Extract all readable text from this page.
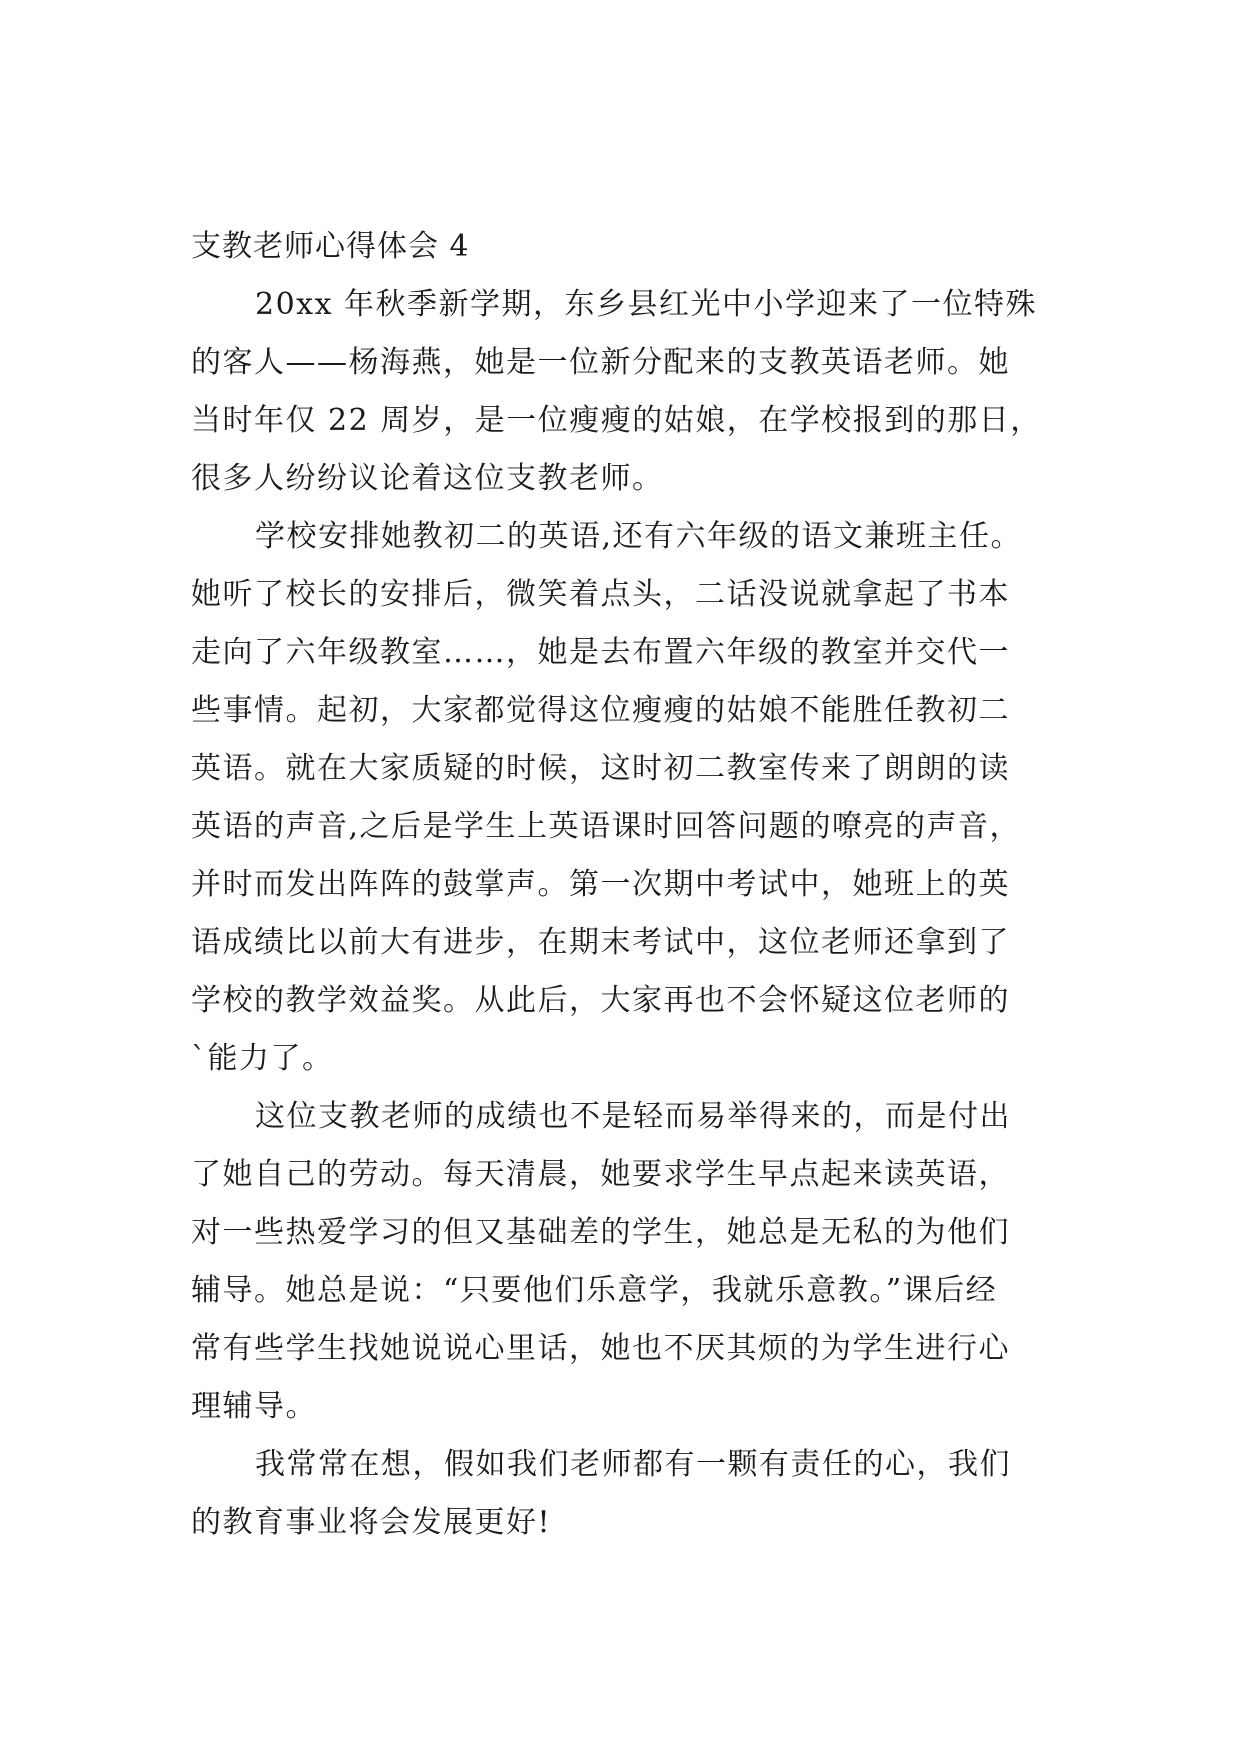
支教老师心得体会 4

20xx 年秋季新学期，东乡县红光中小学迎来了一位特殊
的客人——杨海燕，她是一位新分配来的支教英语老师。她
当时年仅 22 周岁，是一位瘦瘦的姑娘，在学校报到的那日，
很多人纷纷议论着这位支教老师。

学校安排她教初二的英语,还有六年级的语文兼班主任。
她听了校长的安排后，微笑着点头，二话没说就拿起了书本
走向了六年级教室……，她是去布置六年级的教室并交代一
些事情。起初，大家都觉得这位瘦瘦的姑娘不能胜任教初二
英语。就在大家质疑的时候，这时初二教室传来了朗朗的读
英语的声音,之后是学生上英语课时回答问题的嘹亮的声音，
并时而发出阵阵的鼓掌声。第一次期中考试中，她班上的英
语成绩比以前大有进步，在期末考试中，这位老师还拿到了
学校的教学效益奖。从此后，大家再也不会怀疑这位老师的
`能力了。

这位支教老师的成绩也不是轻而易举得来的，而是付出
了她自己的劳动。每天清晨，她要求学生早点起来读英语，
对一些热爱学习的但又基础差的学生，她总是无私的为他们
辅导。她总是说：“只要他们乐意学，我就乐意教。”课后经
常有些学生找她说说心里话，她也不厌其烦的为学生进行心
理辅导。

我常常在想，假如我们老师都有一颗有责任的心，我们
的教育事业将会发展更好!
